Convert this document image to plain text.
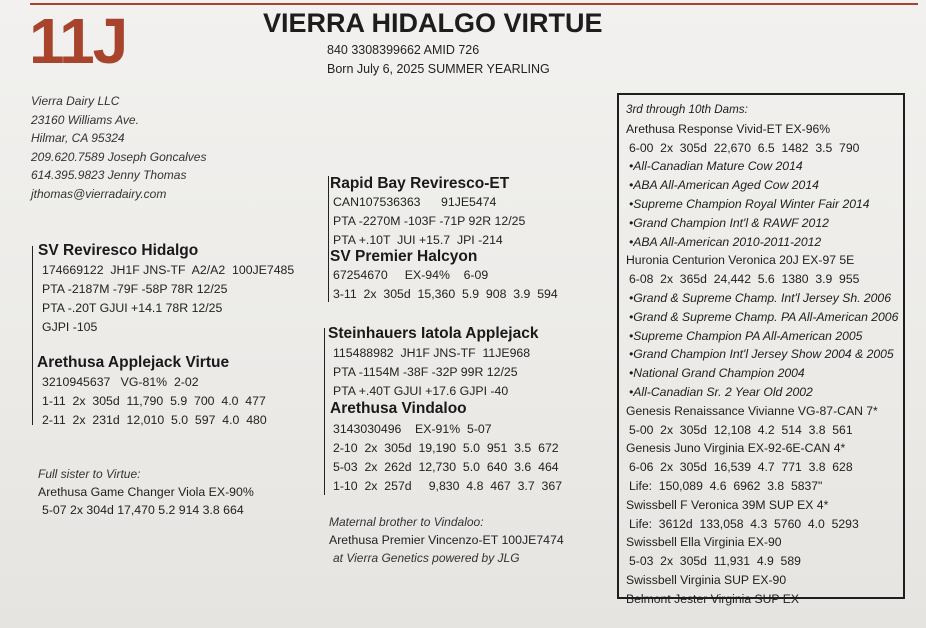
11J	VIERRA HIDALGO VIRTUE
840 3308399662 AMID 726
Born July 6, 2025 SUMMER YEARLING
Vierra Dairy LLC
23160 Williams Ave.
Hilmar, CA 95324
209.620.7589 Joseph Goncalves
614.395.9823 Jenny Thomas
jthomas@vierradairy.com
SV Reviresco Hidalgo
174669122  JH1F JNS-TF  A2/A2  100JE7485
PTA -2187M -79F -58P 78R 12/25
PTA -.20T GJUI +14.1 78R 12/25
GJPI -105
Arethusa Applejack Virtue
3210945637   VG-81%  2-02
1-11  2x  305d  11,790  5.9  700  4.0  477
2-11  2x  231d  12,010  5.0  597  4.0  480
Rapid Bay Reviresco-ET
CAN107536363      91JE5474
PTA -2270M -103F -71P 92R 12/25
PTA +.10T  JUI +15.7  JPI -214
SV Premier Halcyon
67254670     EX-94%    6-09
3-11  2x  305d  15,360  5.9  908  3.9  594
Steinhauers Iatola Applejack
115488982  JH1F JNS-TF  11JE968
PTA -1154M -38F -32P 99R 12/25
PTA +.40T GJUI +17.6 GJPI -40
Arethusa Vindaloo
3143030496    EX-91%  5-07
2-10  2x  305d  19,190  5.0  951  3.5  672
5-03  2x  262d  12,730  5.0  640  3.6  464
1-10  2x  257d     9,830  4.8  467  3.7  367
Full sister to Virtue:
Arethusa Game Changer Viola EX-90%
5-07 2x 304d 17,470 5.2 914 3.8 664
Maternal brother to Vindaloo:
Arethusa Premier Vincenzo-ET 100JE7474
at Vierra Genetics powered by JLG
3rd through 10th Dams:
Arethusa Response Vivid-ET EX-96%
6-00  2x  305d  22,670  6.5  1482  3.5  790
•All-Canadian Mature Cow 2014
•ABA All-American Aged Cow 2014
•Supreme Champion Royal Winter Fair 2014
•Grand Champion Int'l & RAWF 2012
•ABA All-American 2010-2011-2012
Huronia Centurion Veronica 20J EX-97 5E
6-08  2x  365d  24,442  5.6  1380  3.9  955
•Grand & Supreme Champ. Int'l Jersey Sh. 2006
•Grand & Supreme Champ. PA All-American 2006
•Supreme Champion PA All-American 2005
•Grand Champion Int'l Jersey Show 2004 & 2005
•National Grand Champion 2004
•All-Canadian Sr. 2 Year Old 2002
Genesis Renaissance Vivianne VG-87-CAN 7*
5-00  2x  305d  12,108  4.2  514  3.8  561
Genesis Juno Virginia EX-92-6E-CAN 4*
6-06  2x  305d  16,539  4.7  771  3.8  628
Life:  150,089  4.6  6962  3.8  5837"
Swissbell F Veronica 39M SUP EX 4*
Life:  3612d  133,058  4.3  5760  4.0  5293
Swissbell Ella Virginia EX-90
5-03  2x  305d  11,931  4.9  589
Swissbell Virginia SUP EX-90
Belmont Jester Virginia SUP EX
